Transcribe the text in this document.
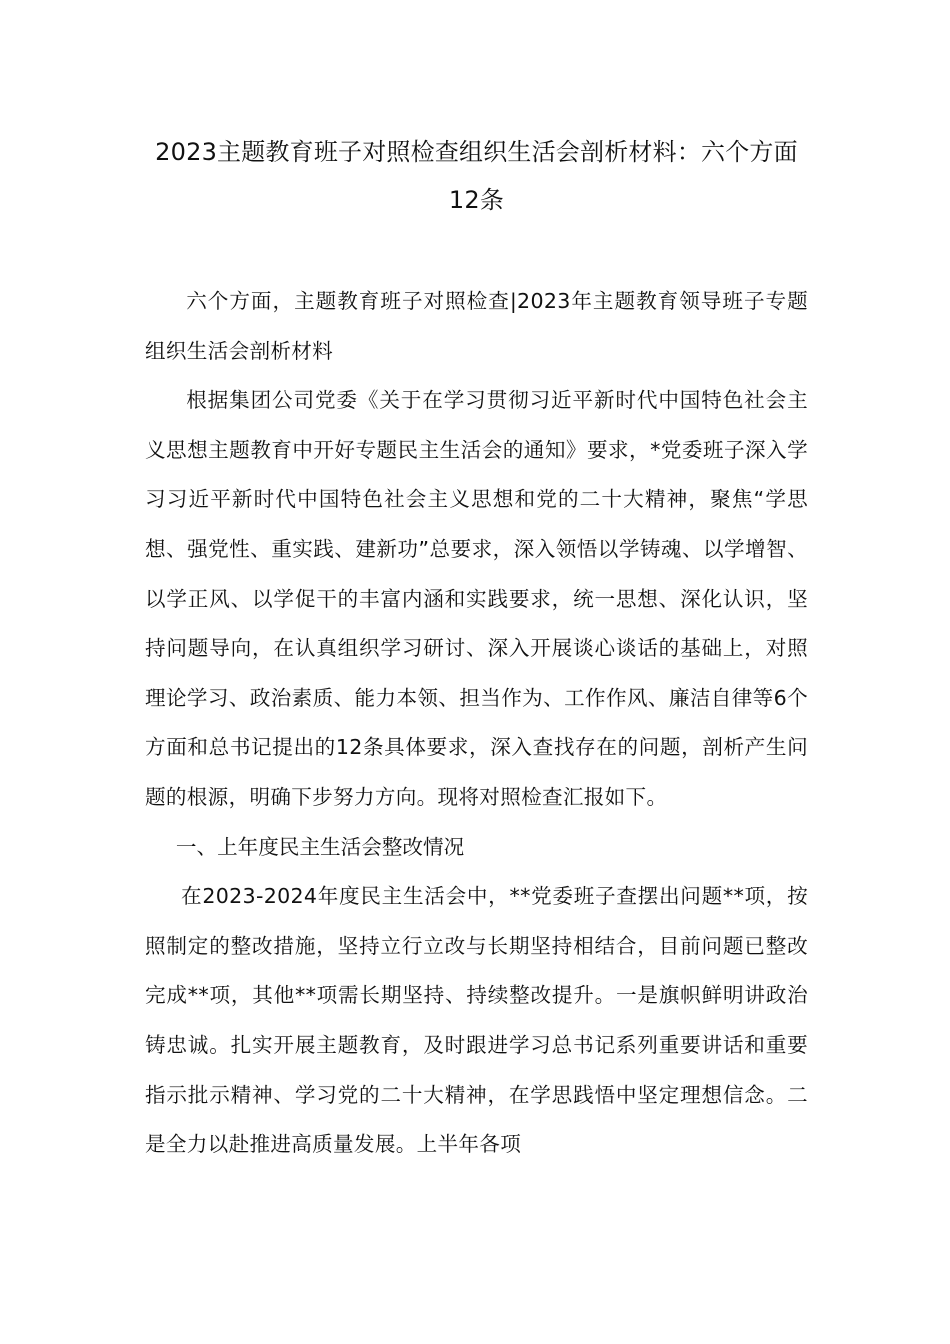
2023主题教育班子对照检查组织生活会剖析材料：六个方面12条

六个方面，主题教育班子对照检查|2023年主题教育领导班子专题组织生活会剖析材料

根据集团公司党委《关于在学习贯彻习近平新时代中国特色社会主义思想主题教育中开好专题民主生活会的通知》要求，*党委班子深入学习习近平新时代中国特色社会主义思想和党的二十大精神，聚焦“学思想、强党性、重实践、建新功”总要求，深入领悟以学铸魂、以学增智、以学正风、以学促干的丰富内涵和实践要求，统一思想、深化认识，坚持问题导向，在认真组织学习研讨、深入开展谈心谈话的基础上，对照理论学习、政治素质、能力本领、担当作为、工作作风、廉洁自律等6个方面和总书记提出的12条具体要求，深入查找存在的问题，剖析产生问题的根源，明确下步努力方向。现将对照检查汇报如下。

一、上年度民主生活会整改情况

在2023-2024年度民主生活会中，**党委班子查摆出问题**项，按照制定的整改措施，坚持立行立改与长期坚持相结合，目前问题已整改完成**项，其他**项需长期坚持、持续整改提升。一是旗帜鲜明讲政治铸忠诚。扎实开展主题教育，及时跟进学习总书记系列重要讲话和重要指示批示精神、学习党的二十大精神，在学思践悟中坚定理想信念。二是全力以赴推进高质量发展。上半年各项
